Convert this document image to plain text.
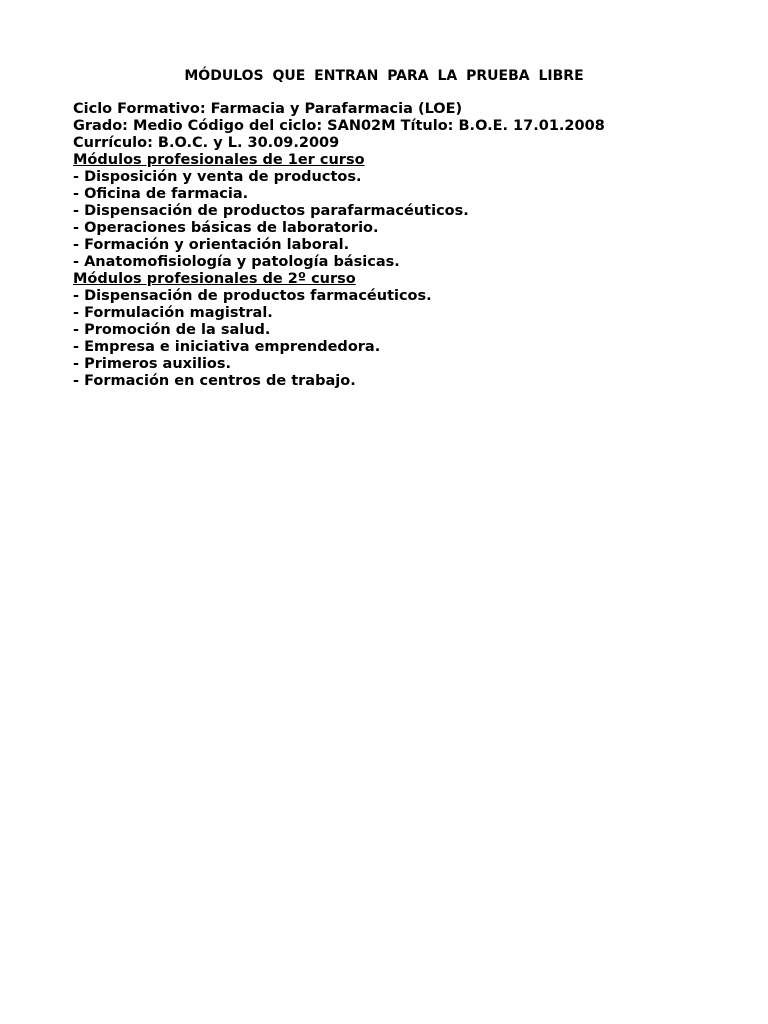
MÓDULOS QUE ENTRAN PARA LA PRUEBA LIBRE
Ciclo Formativo: Farmacia y Parafarmacia (LOE)
Grado: Medio Código del ciclo: SAN02M Título: B.O.E. 17.01.2008
Currículo: B.O.C. y L. 30.09.2009
Módulos profesionales de 1er curso
- Disposición y venta de productos.
- Oficina de farmacia.
- Dispensación de productos parafarmacéuticos.
- Operaciones básicas de laboratorio.
- Formación y orientación laboral.
- Anatomofisiología y patología básicas.
Módulos profesionales de 2º curso
- Dispensación de productos farmacéuticos.
- Formulación magistral.
- Promoción de la salud.
- Empresa e iniciativa emprendedora.
- Primeros auxilios.
- Formación en centros de trabajo.
